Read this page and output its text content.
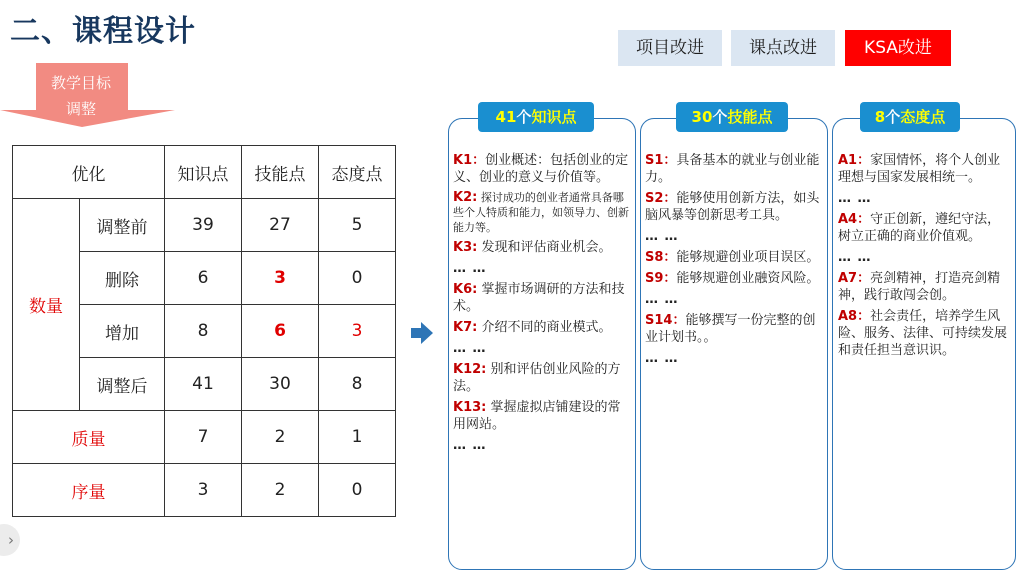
二、课程设计	项目改进	课点改进	KSA改进
教学目标
调整
优化		知识点	技能点	态度点
数量	调整前	39	27	5
	删除	6	3	0
	增加	8	6	3
	调整后	41	30	8
质量		7	2	1
序量		3	2	0
41个知识点	30个技能点	8个态度点
K1：创业概述：包括创业的定义、创业的意义与价值等。
K2: 探讨成功的创业者通常具备哪些个人特质和能力，如领导力、创新能力等。
K3: 发现和评估商业机会。
… …
K6: 掌握市场调研的方法和技术。
K7: 介绍不同的商业模式。
… …
K12: 别和评估创业风险的方法。
K13: 掌握虚拟店铺建设的常用网站。
… …
S1：具备基本的就业与创业能力。
S2：能够使用创新方法，如头脑风暴等创新思考工具。
… …
S8：能够规避创业项目误区。
S9：能够规避创业融资风险。
… …
S14：能够撰写一份完整的创业计划书。。
… …
A1：家国情怀，将个人创业理想与国家发展相统一。
… …
A4：守正创新，遵纪守法，树立正确的商业价值观。
… …
A7：亮剑精神，打造亮剑精神，践行敢闯会创。
A8：社会责任，培养学生风险、服务、法律、可持续发展和责任担当意识识。
›
